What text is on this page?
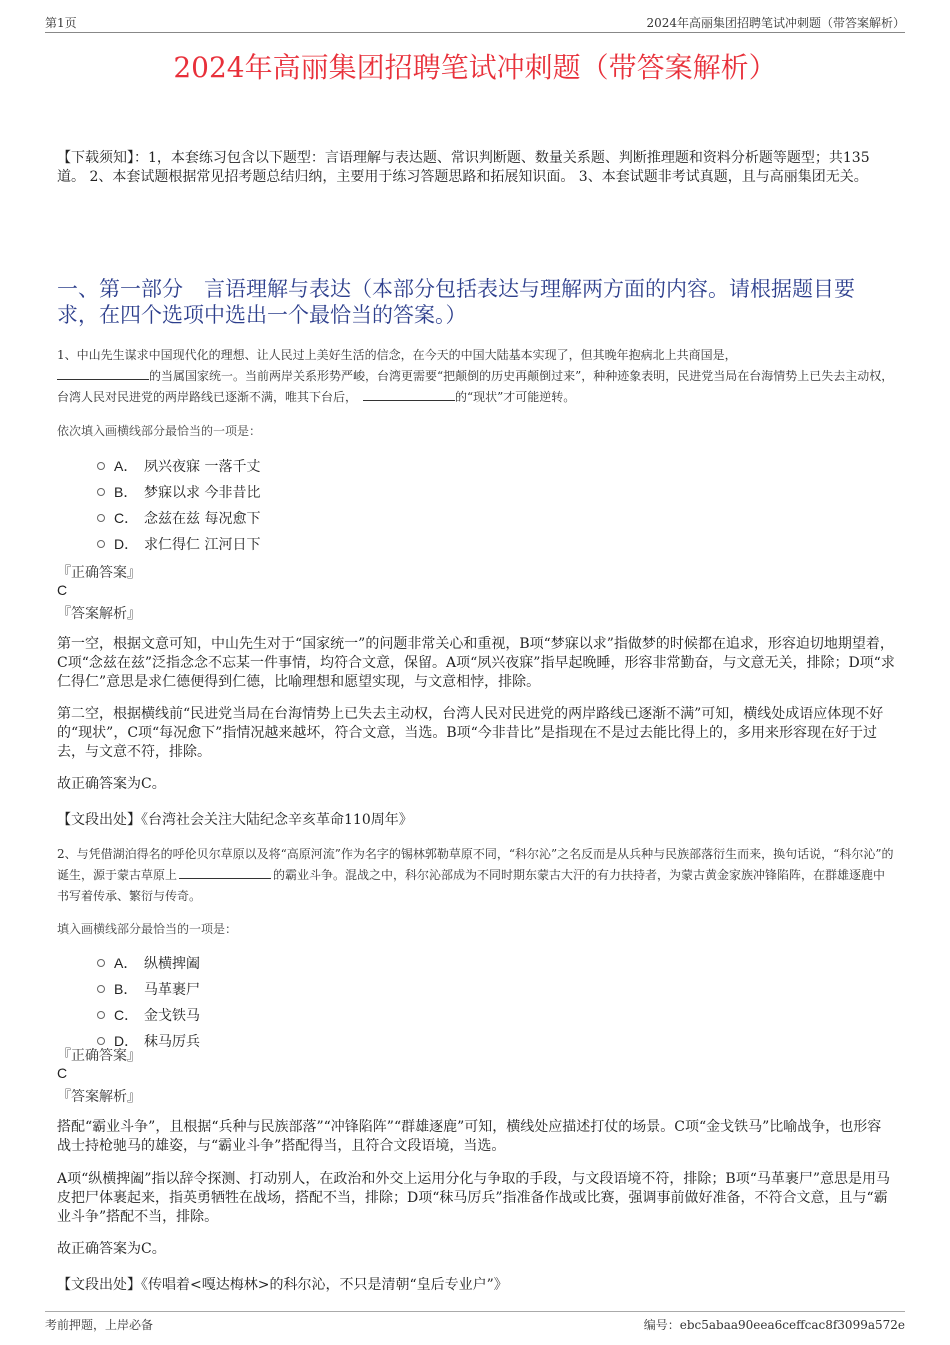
第1页	2024年高丽集团招聘笔试冲刺题（带答案解析）
2024年高丽集团招聘笔试冲刺题（带答案解析）
【下载须知】：1，本套练习包含以下题型：言语理解与表达题、常识判断题、数量关系题、判断推理题和资料分析题等题型；共135道。 2、本套试题根据常见招考题总结归纳，主要用于练习答题思路和拓展知识面。 3、本套试题非考试真题，且与高丽集团无关。
一、第一部分　言语理解与表达（本部分包括表达与理解两方面的内容。请根据题目要求，在四个选项中选出一个最恰当的答案。）
1、中山先生谋求中国现代化的理想、让人民过上美好生活的信念，在今天的中国大陆基本实现了，但其晚年抱病北上共商国是，
的当属国家统一。当前两岸关系形势严峻，台湾更需要“把颠倒的历史再颠倒过来”，种种迹象表明，民进党当局在台海情势上已失去主动权，台湾人民对民进党的两岸路线已逐渐不满，唯其下台后，	的“现状”才可能逆转。
依次填入画横线部分最恰当的一项是：
A． 夙兴夜寐 一落千丈
B． 梦寐以求 今非昔比
C． 念兹在兹 每况愈下
D． 求仁得仁 江河日下
『正确答案』
C
『答案解析』
第一空，根据文意可知，中山先生对于“国家统一”的问题非常关心和重视，B项“梦寐以求”指做梦的时候都在追求，形容迫切地期望着，C项“念兹在兹”泛指念念不忘某一件事情，均符合文意，保留。A项“夙兴夜寐”指早起晚睡，形容非常勤奋，与文意无关，排除；D项“求仁得仁”意思是求仁德便得到仁德，比喻理想和愿望实现，与文意相悖，排除。
第二空，根据横线前“民进党当局在台海情势上已失去主动权，台湾人民对民进党的两岸路线已逐渐不满”可知，横线处成语应体现不好的“现状”，C项“每况愈下”指情况越来越坏，符合文意，当选。B项“今非昔比”是指现在不是过去能比得上的，多用来形容现在好于过去，与文意不符，排除。
故正确答案为C。
【文段出处】《台湾社会关注大陆纪念辛亥革命110周年》
2、与凭借湖泊得名的呼伦贝尔草原以及将“高原河流”作为名字的锡林郭勒草原不同，“科尔沁”之名反而是从兵种与民族部落衍生而来，换句话说，“科尔沁”的诞生，源于蒙古草原上	的霸业斗争。混战之中，科尔沁部成为不同时期东蒙古大汗的有力扶持者，为蒙古黄金家族冲锋陷阵，在群雄逐鹿中书写着传承、繁衍与传奇。
填入画横线部分最恰当的一项是：
A． 纵横捭阖
B． 马革裹尸
C． 金戈铁马
D． 秣马厉兵
『正确答案』
C
『答案解析』
搭配“霸业斗争”，且根据“兵种与民族部落”“冲锋陷阵”“群雄逐鹿”可知，横线处应描述打仗的场景。C项“金戈铁马”比喻战争，也形容战士持枪驰马的雄姿，与“霸业斗争”搭配得当，且符合文段语境，当选。
A项“纵横捭阖”指以辞令探测、打动别人，在政治和外交上运用分化与争取的手段，与文段语境不符，排除；B项“马革裹尸”意思是用马皮把尸体裹起来，指英勇牺牲在战场，搭配不当，排除；D项“秣马厉兵”指准备作战或比赛，强调事前做好准备，不符合文意，且与“霸业斗争”搭配不当，排除。
故正确答案为C。
【文段出处】《传唱着<嘎达梅林>的科尔沁，不只是清朝“皇后专业户”》
考前押题，上岸必备	编号：ebc5abaa90eea6ceffcac8f3099a572e
